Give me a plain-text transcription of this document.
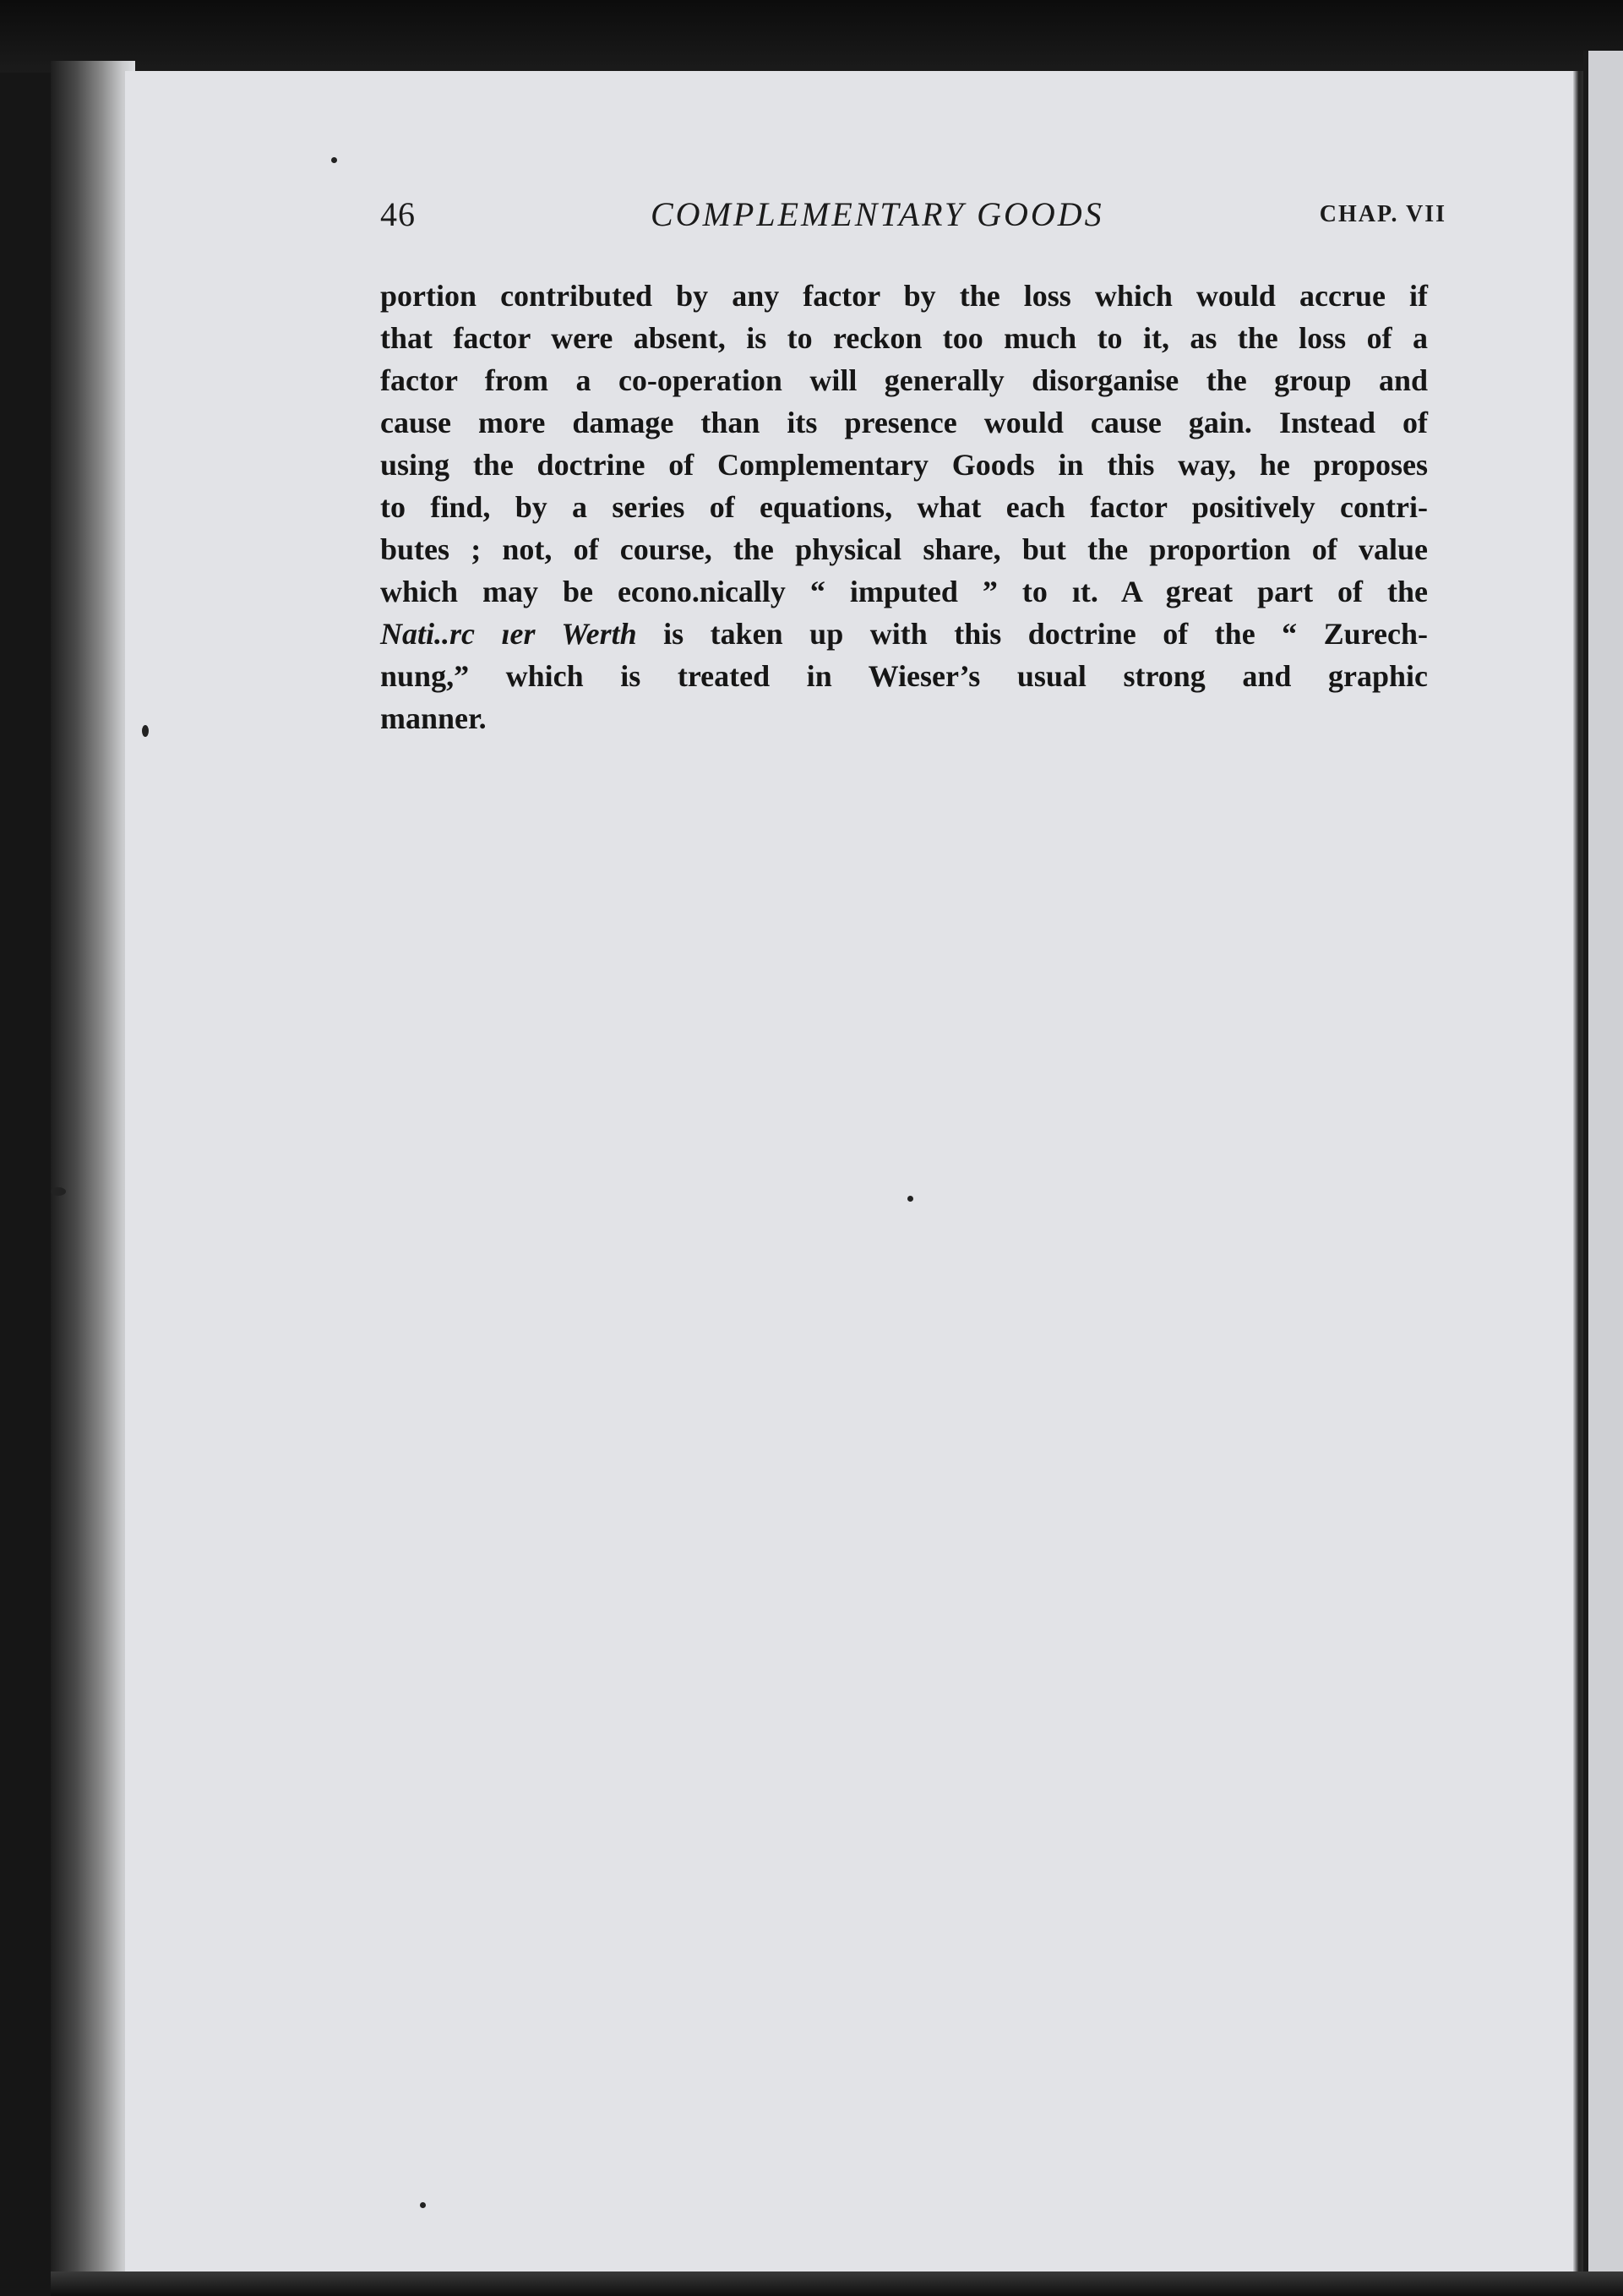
46	COMPLEMENTARY GOODS	CHAP. VII
portion contributed by any factor by the loss which would accrue if
that factor were absent, is to reckon too much to it, as the loss of a
factor from a co-operation will generally disorganise the group and
cause more damage than its presence would cause gain. Instead of
using the doctrine of Complementary Goods in this way, he proposes
to find, by a series of equations, what each factor positively contri-
butes ; not, of course, the physical share, but the proportion of value
which may be econo.nically “ imputed ” to ıt. A great part of the
Nati..rc ıer Werth is taken up with this doctrine of the “ Zurech-
nung,” which is treated in Wieser’s usual strong and graphic
manner.
